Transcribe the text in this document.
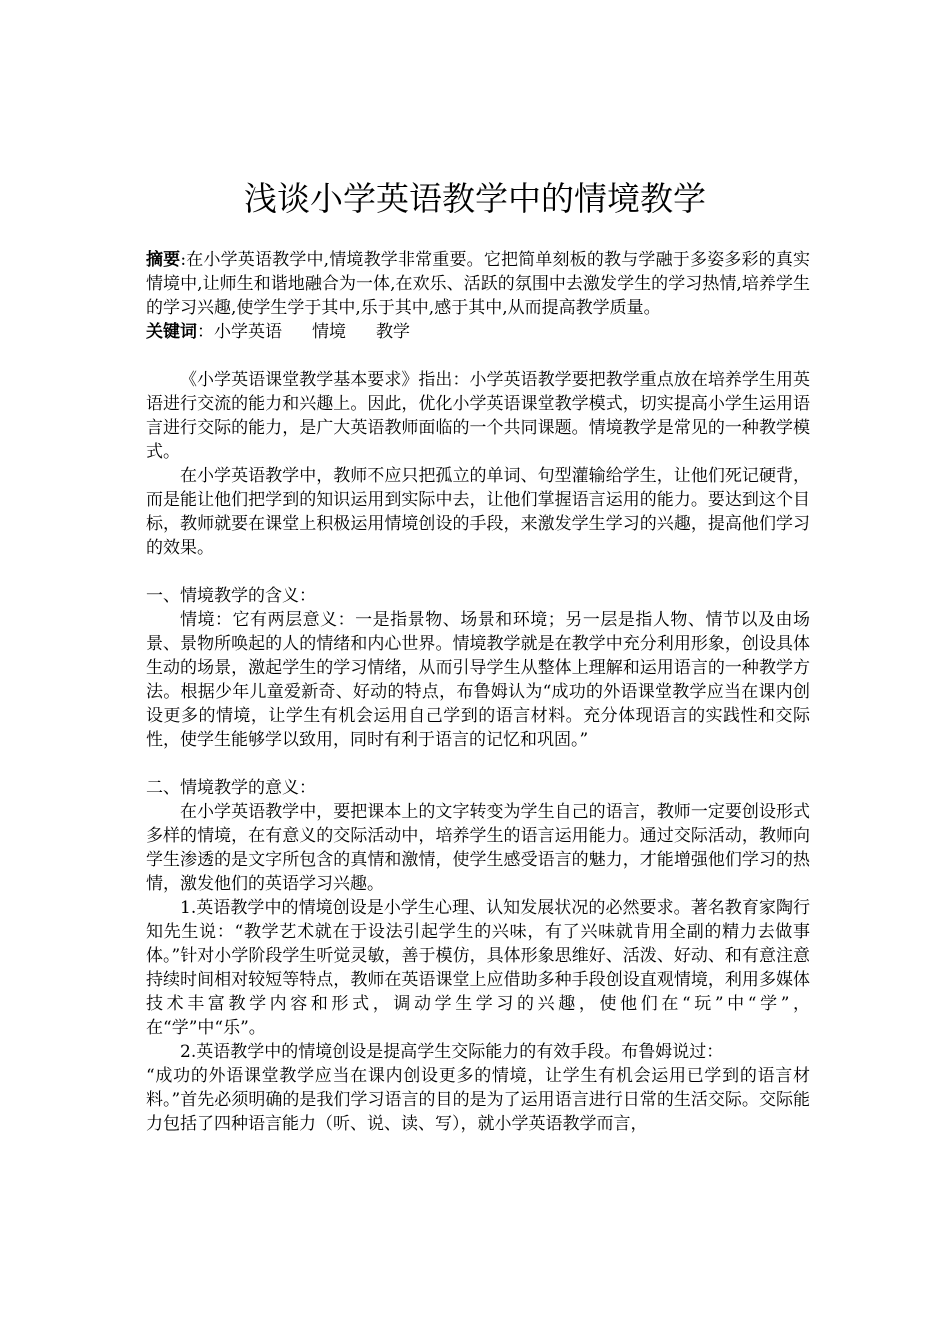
浅谈小学英语教学中的情境教学

摘要:在小学英语教学中,情境教学非常重要。它把简单刻板的教与学融于多姿多彩的真实情境中,让师生和谐地融合为一体,在欢乐、活跃的氛围中去激发学生的学习热情,培养学生的学习兴趣,使学生学于其中,乐于其中,感于其中,从而提高教学质量。

关键词：小学英语 情境 教学

《小学英语课堂教学基本要求》指出：小学英语教学要把教学重点放在培养学生用英语进行交流的能力和兴趣上。因此，优化小学英语课堂教学模式，切实提高小学生运用语言进行交际的能力，是广大英语教师面临的一个共同课题。情境教学是常见的一种教学模式。

在小学英语教学中，教师不应只把孤立的单词、句型灌输给学生，让他们死记硬背，而是能让他们把学到的知识运用到实际中去，让他们掌握语言运用的能力。要达到这个目标，教师就要在课堂上积极运用情境创设的手段，来激发学生学习的兴趣，提高他们学习的效果。

一、情境教学的含义：

情境：它有两层意义：一是指景物、场景和环境；另一层是指人物、情节以及由场景、景物所唤起的人的情绪和内心世界。情境教学就是在教学中充分利用形象，创设具体生动的场景，激起学生的学习情绪，从而引导学生从整体上理解和运用语言的一种教学方法。根据少年儿童爱新奇、好动的特点，布鲁姆认为“成功的外语课堂教学应当在课内创设更多的情境，让学生有机会运用自己学到的语言材料。充分体现语言的实践性和交际性，使学生能够学以致用，同时有利于语言的记忆和巩固。”

二、情境教学的意义：

在小学英语教学中，要把课本上的文字转变为学生自己的语言，教师一定要创设形式多样的情境，在有意义的交际活动中，培养学生的语言运用能力。通过交际活动，教师向学生渗透的是文字所包含的真情和激情，使学生感受语言的魅力，才能增强他们学习的热情，激发他们的英语学习兴趣。

1.英语教学中的情境创设是小学生心理、认知发展状况的必然要求。著名教育家陶行知先生说：“教学艺术就在于设法引起学生的兴味，有了兴味就肯用全副的精力去做事体。”针对小学阶段学生听觉灵敏，善于模仿，具体形象思维好、活泼、好动、和有意注意持续时间相对较短等特点，教师在英语课堂上应借助多种手段创设直观情境，利用多媒体技术丰富教学内容和形式，调动学生学习的兴趣，使他们在“玩”中“学”，在“学”中“乐”。

2.英语教学中的情境创设是提高学生交际能力的有效手段。布鲁姆说过：

“成功的外语课堂教学应当在课内创设更多的情境，让学生有机会运用已学到的语言材料。”首先必须明确的是我们学习语言的目的是为了运用语言进行日常的生活交际。交际能力包括了四种语言能力（听、说、读、写），就小学英语教学而言，
